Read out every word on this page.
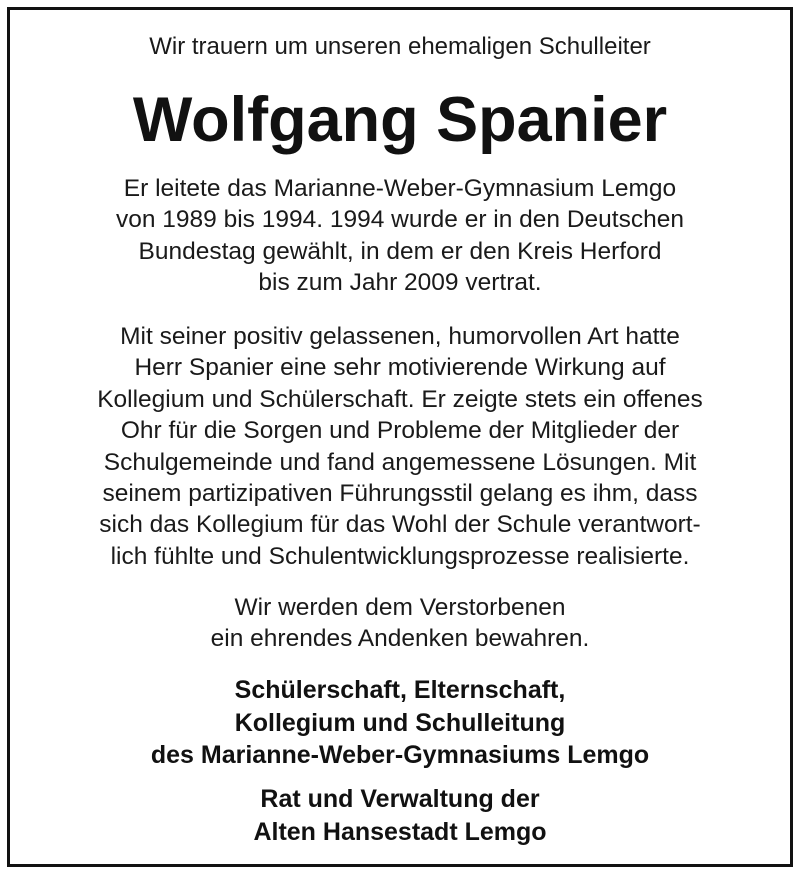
Wir trauern um unseren ehemaligen Schulleiter
Wolfgang Spanier
Er leitete das Marianne-Weber-Gymnasium Lemgo
von 1989 bis 1994. 1994 wurde er in den Deutschen
Bundestag gewählt, in dem er den Kreis Herford
bis zum Jahr 2009 vertrat.
Mit seiner positiv gelassenen, humorvollen Art hatte
Herr Spanier eine sehr motivierende Wirkung auf
Kollegium und Schülerschaft. Er zeigte stets ein offenes
Ohr für die Sorgen und Probleme der Mitglieder der
Schulgemeinde und fand angemessene Lösungen. Mit
seinem partizipativen Führungsstil gelang es ihm, dass
sich das Kollegium für das Wohl der Schule verantwort-
lich fühlte und Schulentwicklungsprozesse realisierte.
Wir werden dem Verstorbenen
ein ehrendes Andenken bewahren.
Schülerschaft, Elternschaft,
Kollegium und Schulleitung
des Marianne-Weber-Gymnasiums Lemgo
Rat und Verwaltung der
Alten Hansestadt Lemgo
